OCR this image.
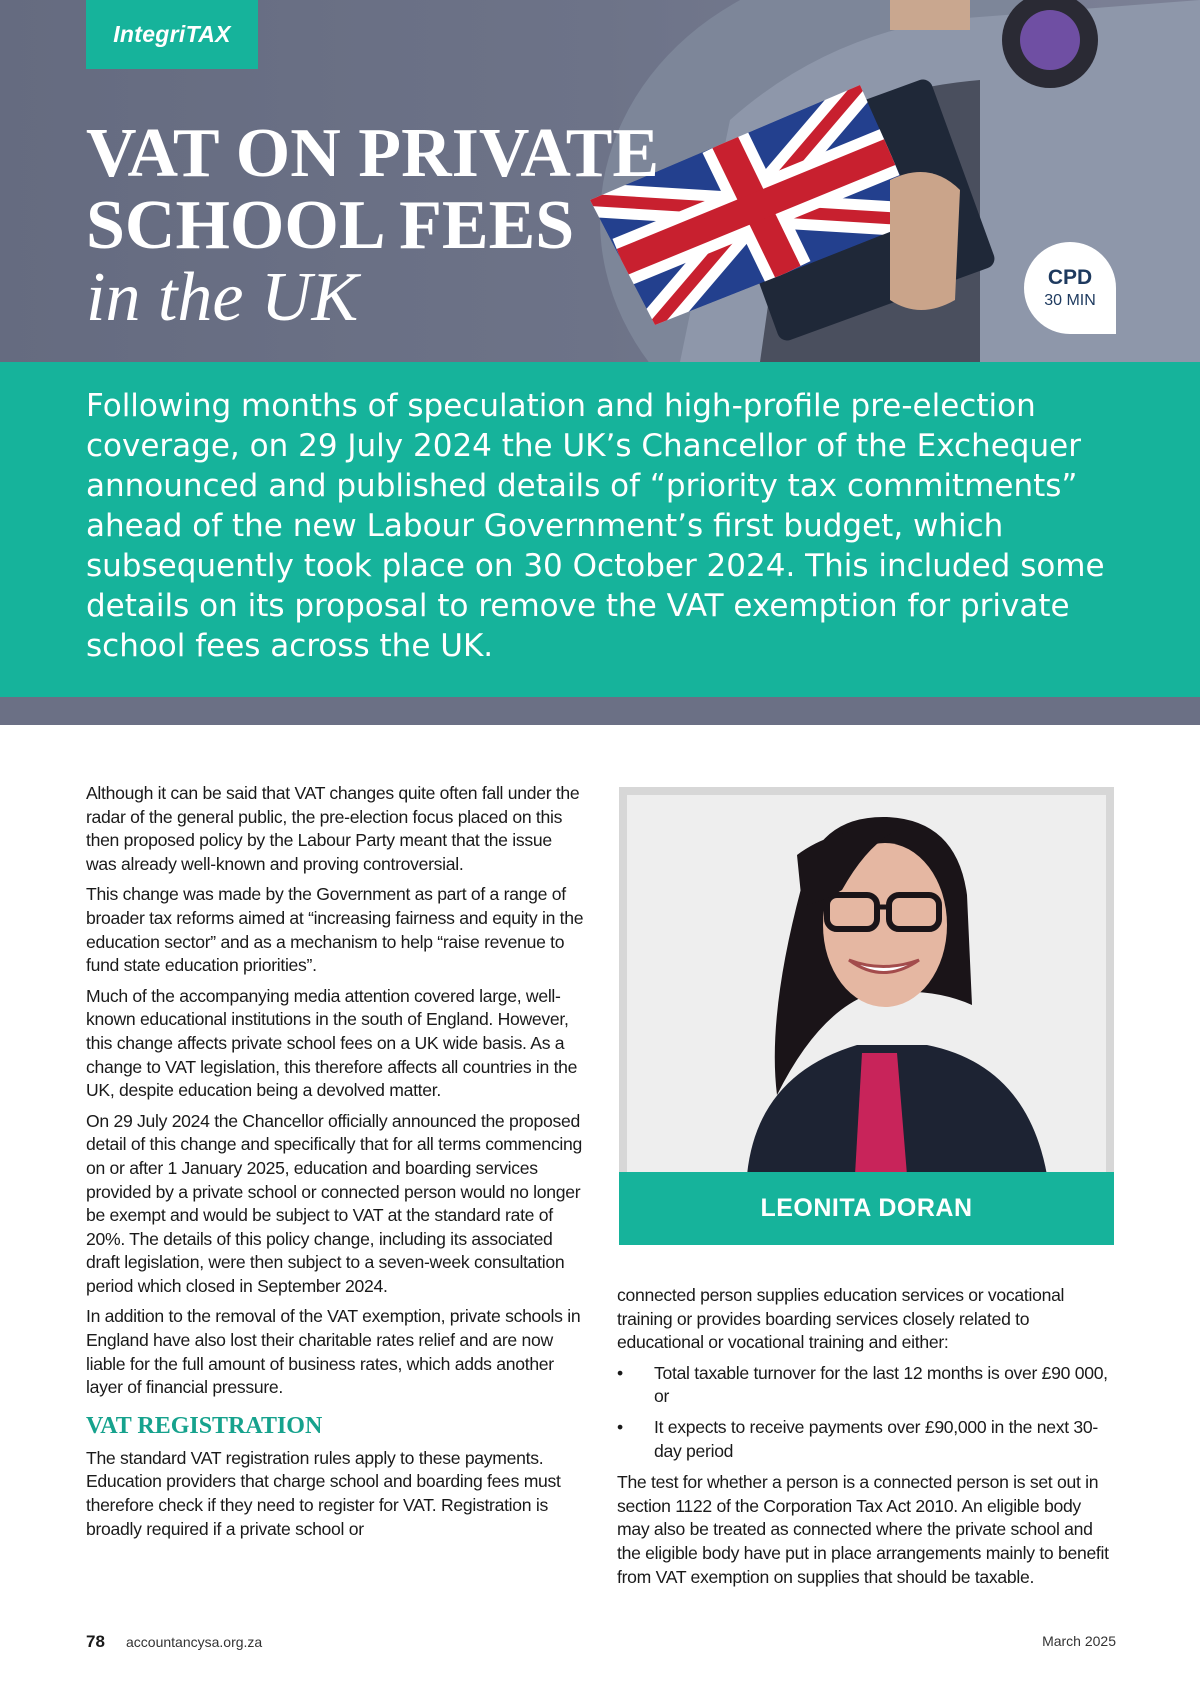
IntegriTAX
VAT ON PRIVATE
SCHOOL FEES
in the UK	CPD
30 MIN

Following months of speculation and high-profile pre-election coverage, on 29 July 2024 the UK’s Chancellor of the Exchequer announced and published details of “priority tax commitments” ahead of the new Labour Government’s first budget, which subsequently took place on 30 October 2024. This included some details on its proposal to remove the VAT exemption for private school fees across the UK.

Although it can be said that VAT changes quite often fall under the radar of the general public, the pre-election focus placed on this then proposed policy by the Labour Party meant that the issue was already well-known and proving controversial.

This change was made by the Government as part of a range of broader tax reforms aimed at “increasing fairness and equity in the education sector” and as a mechanism to help “raise revenue to fund state education priorities”.

Much of the accompanying media attention covered large, well-known educational institutions in the south of England. However, this change affects private school fees on a UK wide basis. As a change to VAT legislation, this therefore affects all countries in the UK, despite education being a devolved matter.

On 29 July 2024 the Chancellor officially announced the proposed detail of this change and specifically that for all terms commencing on or after 1 January 2025, education and boarding services provided by a private school or connected person would no longer be exempt and would be subject to VAT at the standard rate of 20%. The details of this policy change, including its associated draft legislation, were then subject to a seven-week consultation period which closed in September 2024.

In addition to the removal of the VAT exemption, private schools in England have also lost their charitable rates relief and are now liable for the full amount of business rates, which adds another layer of financial pressure.

VAT REGISTRATION

The standard VAT registration rules apply to these payments. Education providers that charge school and boarding fees must therefore check if they need to register for VAT. Registration is broadly required if a private school or

LEONITA DORAN

connected person supplies education services or vocational training or provides boarding services closely related to educational or vocational training and either:

• Total taxable turnover for the last 12 months is over £90 000, or
• It expects to receive payments over £90,000 in the next 30-day period

The test for whether a person is a connected person is set out in section 1122 of the Corporation Tax Act 2010. An eligible body may also be treated as connected where the private school and the eligible body have put in place arrangements mainly to benefit from VAT exemption on supplies that should be taxable.

78 accountancysa.org.za	March 2025
